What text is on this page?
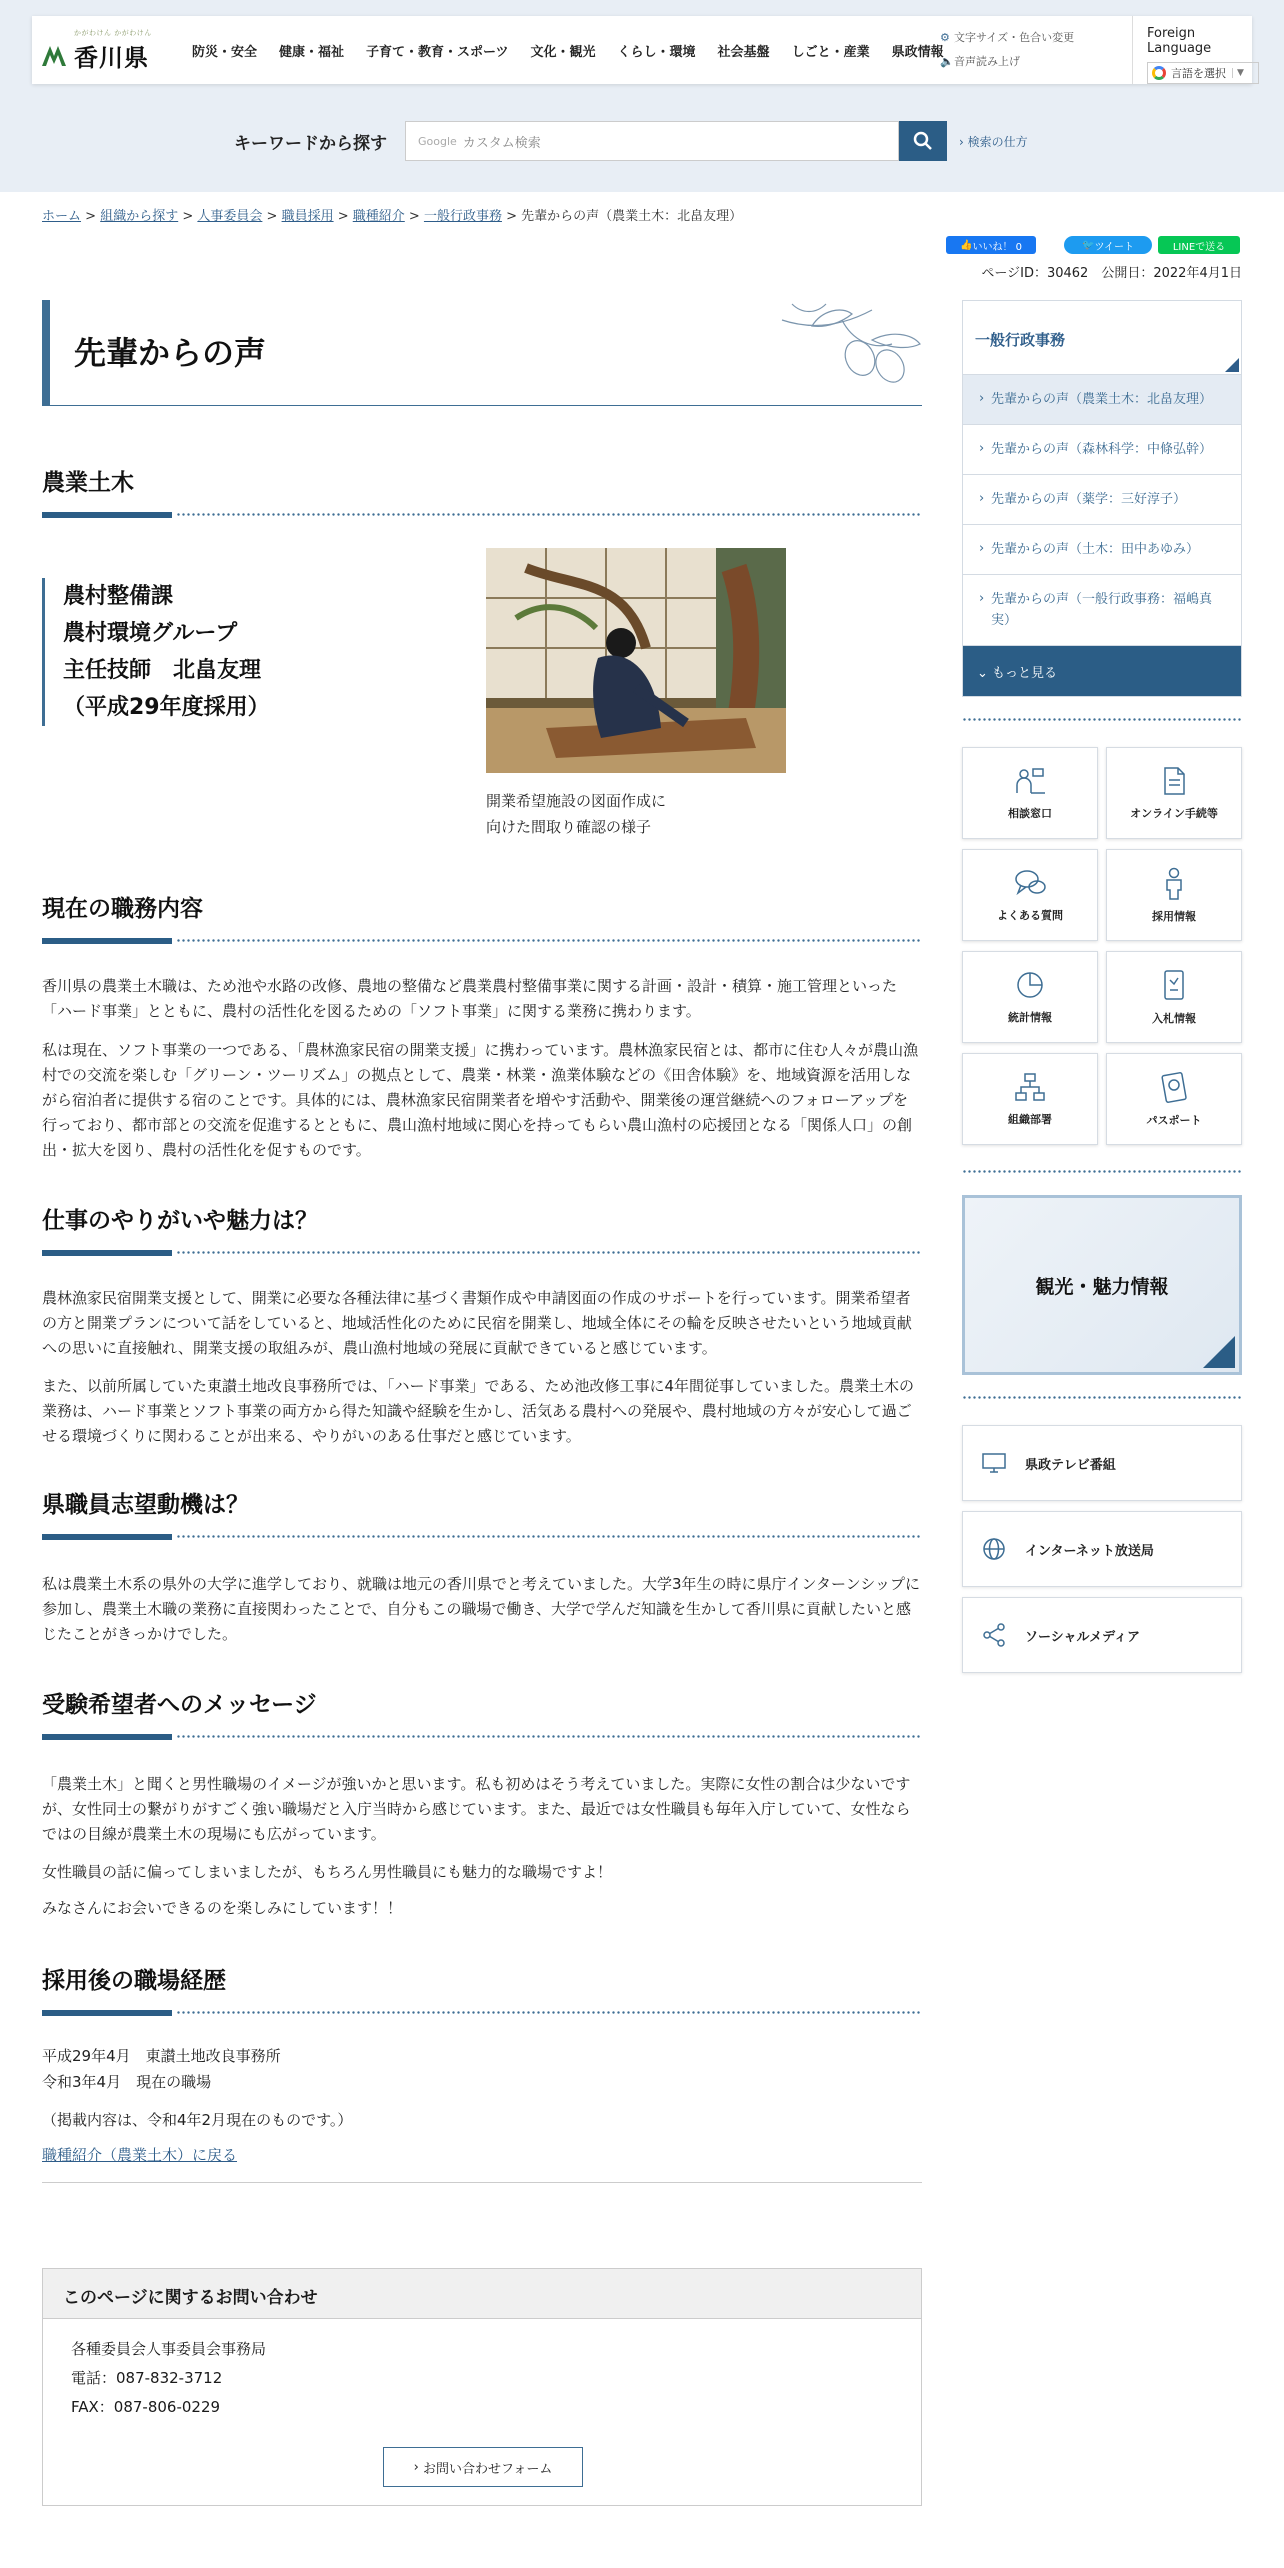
かがわけん かがわけん
香川県	防災・安全 健康・福祉 子育て・教育・スポーツ 文化・観光 くらし・環境 社会基盤 しごと・産業 県政情報
⚙ 文字サイズ・色合い変更
🔈音声読み上げ
Foreign Language
言語を選択	▼
キーワードから探す	Google カスタム検索	› 検索の仕方
ホーム > 組織から探す > 人事委員会 > 職員採用 > 職種紹介 > 一般行政事務 > 先輩からの声（農業土木：北畠友理）
👍 いいね！ 0	🐦 ツイート	LINEで送る
ページID：30462　 公開日：2022年4月1日
先輩からの声
農業土木
農村整備課
農村環境グループ
主任技師　北畠友理
（平成29年度採用）
開業希望施設の図面作成に
向けた間取り確認の様子
現在の職務内容

香川県の農業土木職は、ため池や水路の改修、農地の整備など農業農村整備事業に関する計画・設計・積算・施工管理といった「ハード事業」とともに、農村の活性化を図るための「ソフト事業」に関する業務に携わります。

私は現在、ソフト事業の一つである、「農林漁家民宿の開業支援」に携わっています。農林漁家民宿とは、都市に住む人々が農山漁村での交流を楽しむ「グリーン・ツーリズム」の拠点として、農業・林業・漁業体験などの《田舎体験》を、地域資源を活用しながら宿泊者に提供する宿のことです。具体的には、農林漁家民宿開業者を増やす活動や、開業後の運営継続へのフォローアップを行っており、都市部との交流を促進するとともに、農山漁村地域に関心を持ってもらい農山漁村の応援団となる「関係人口」の創出・拡大を図り、農村の活性化を促すものです。

仕事のやりがいや魅力は？

農林漁家民宿開業支援として、開業に必要な各種法律に基づく書類作成や申請図面の作成のサポートを行っています。開業希望者の方と開業プランについて話をしていると、地域活性化のために民宿を開業し、地域全体にその輪を反映させたいという地域貢献への思いに直接触れ、開業支援の取組みが、農山漁村地域の発展に貢献できていると感じています。

また、以前所属していた東讃土地改良事務所では、「ハード事業」である、ため池改修工事に4年間従事していました。農業土木の業務は、ハード事業とソフト事業の両方から得た知識や経験を生かし、活気ある農村への発展や、農村地域の方々が安心して過ごせる環境づくりに関わることが出来る、やりがいのある仕事だと感じています。

県職員志望動機は？

私は農業土木系の県外の大学に進学しており、就職は地元の香川県でと考えていました。大学3年生の時に県庁インターンシップに参加し、農業土木職の業務に直接関わったことで、自分もこの職場で働き、大学で学んだ知識を生かして香川県に貢献したいと感じたことがきっかけでした。

受験希望者へのメッセージ

「農業土木」と聞くと男性職場のイメージが強いかと思います。私も初めはそう考えていました。実際に女性の割合は少ないですが、女性同士の繋がりがすごく強い職場だと入庁当時から感じています。また、最近では女性職員も毎年入庁していて、女性ならではの目線が農業土木の現場にも広がっています。

女性職員の話に偏ってしまいましたが、もちろん男性職員にも魅力的な職場ですよ！

みなさんにお会いできるのを楽しみにしています！！

採用後の職場経歴

平成29年4月　東讃土地改良事務所

令和3年4月　現在の職場

（掲載内容は、令和4年2月現在のものです。）

職種紹介（農業土木）に戻る
このページに関するお問い合わせ
各種委員会人事委員会事務局
電話：087-832-3712
FAX：087-806-0229
› お問い合わせフォーム
一般行政事務
› 先輩からの声（農業土木：北畠友理）
› 先輩からの声（森林科学：中條弘幹）
› 先輩からの声（薬学：三好淳子）
› 先輩からの声（土木：田中あゆみ）
› 先輩からの声（一般行政事務：福嶋真実）
⌄ もっと見る
相談窓口	オンライン手続等
よくある質問	採用情報
統計情報	入札情報
組織部署	パスポート
観光・魅力情報
県政テレビ番組
インターネット放送局
ソーシャルメディア
